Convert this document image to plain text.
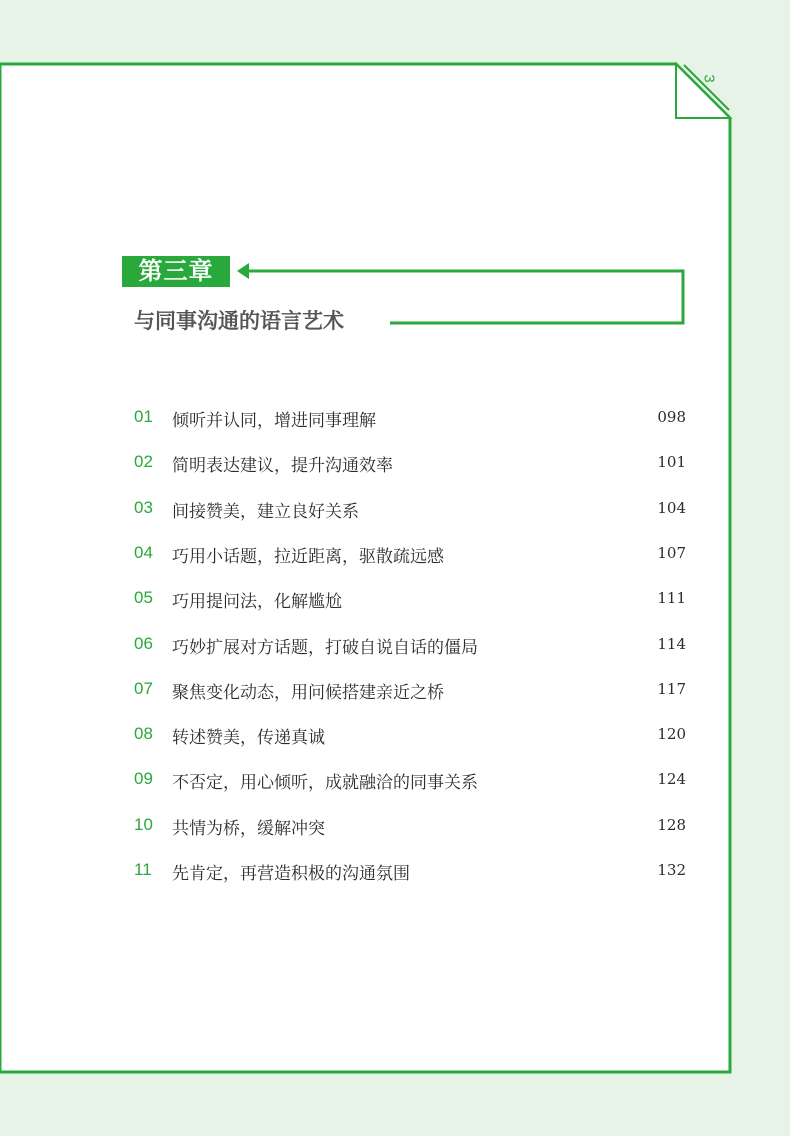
3
第三章
与同事沟通的语言艺术
01 倾听并认同，增进同事理解	098
02 简明表达建议，提升沟通效率	101
03 间接赞美，建立良好关系	104
04 巧用小话题，拉近距离，驱散疏远感	107
05 巧用提问法，化解尴尬	111
06 巧妙扩展对方话题，打破自说自话的僵局	114
07 聚焦变化动态，用问候搭建亲近之桥	117
08 转述赞美，传递真诚	120
09 不否定，用心倾听，成就融洽的同事关系	124
10 共情为桥，缓解冲突	128
11 先肯定，再营造积极的沟通氛围	132
